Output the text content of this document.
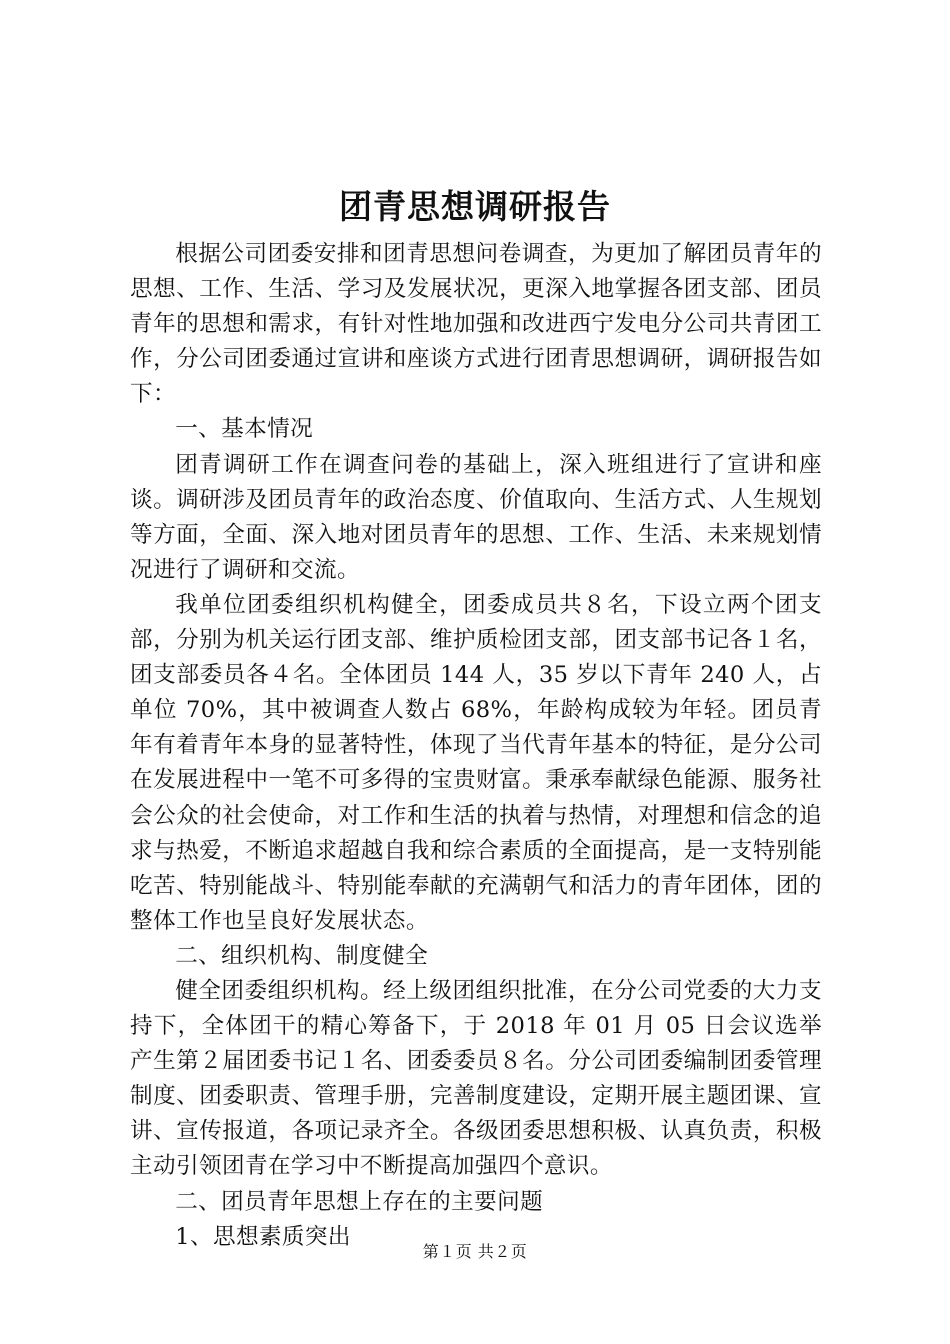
团青思想调研报告

根据公司团委安排和团青思想问卷调查，为更加了解团员青年的思想、工作、生活、学习及发展状况，更深入地掌握各团支部、团员青年的思想和需求，有针对性地加强和改进西宁发电分公司共青团工作，分公司团委通过宣讲和座谈方式进行团青思想调研，调研报告如下：

一、基本情况

团青调研工作在调查问卷的基础上，深入班组进行了宣讲和座谈。调研涉及团员青年的政治态度、价值取向、生活方式、人生规划等方面，全面、深入地对团员青年的思想、工作、生活、未来规划情况进行了调研和交流。

我单位团委组织机构健全，团委成员共８名，下设立两个团支部，分别为机关运行团支部、维护质检团支部，团支部书记各１名，团支部委员各４名。全体团员 144 人，35 岁以下青年 240 人，占单位 70%，其中被调查人数占 68%，年龄构成较为年轻。团员青年有着青年本身的显著特性，体现了当代青年基本的特征，是分公司在发展进程中一笔不可多得的宝贵财富。秉承奉献绿色能源、服务社会公众的社会使命，对工作和生活的执着与热情，对理想和信念的追求与热爱，不断追求超越自我和综合素质的全面提高，是一支特别能吃苦、特别能战斗、特别能奉献的充满朝气和活力的青年团体，团的整体工作也呈良好发展状态。

二、组织机构、制度健全

健全团委组织机构。经上级团组织批准，在分公司党委的大力支持下，全体团干的精心筹备下，于 2018 年 01 月 05 日会议选举产生第２届团委书记１名、团委委员８名。分公司团委编制团委管理制度、团委职责、管理手册，完善制度建设，定期开展主题团课、宣讲、宣传报道，各项记录齐全。各级团委思想积极、认真负责，积极主动引领团青在学习中不断提高加强四个意识。

二、团员青年思想上存在的主要问题

1、思想素质突出

第１页 共２页
